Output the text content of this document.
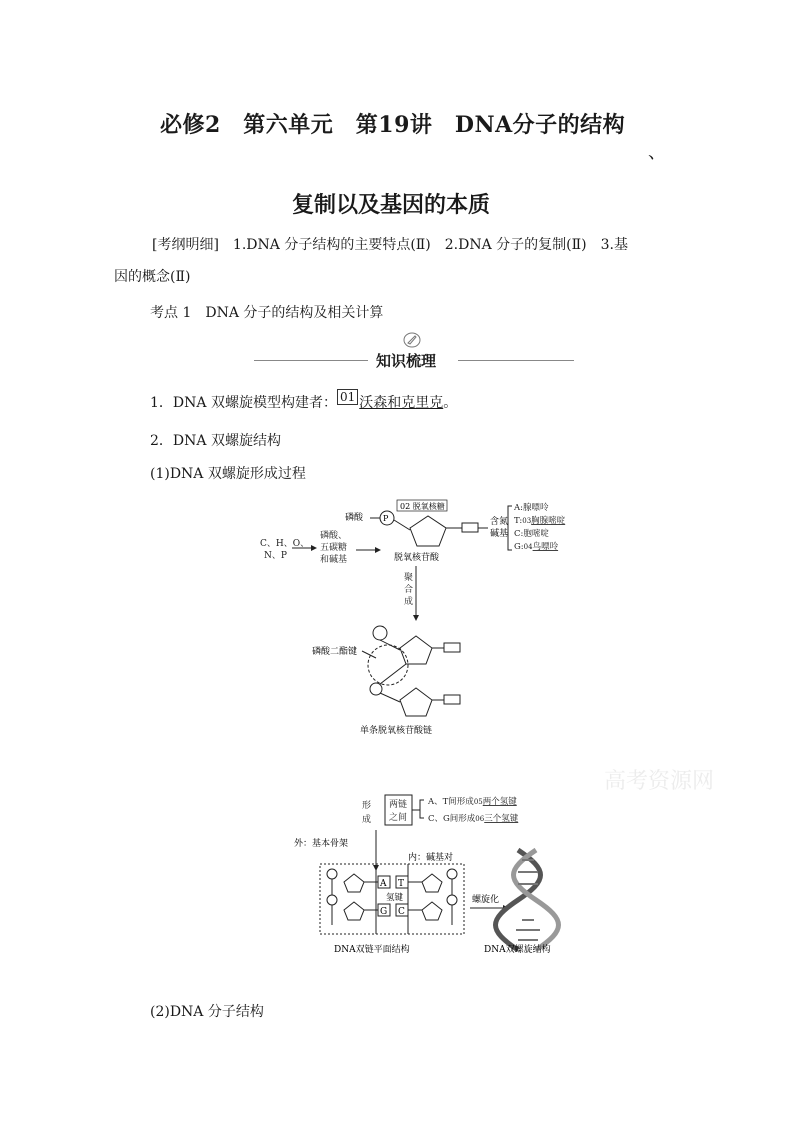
必修2　第六单元　第19讲　DNA分子的结构
、
复制以及基因的本质
[考纲明细]　1.DNA 分子结构的主要特点(Ⅱ)　2.DNA 分子的复制(Ⅱ)　3.基
因的概念(Ⅱ)
考点 1　DNA 分子的结构及相关计算
知识梳理
1．DNA 双螺旋模型构建者： 01 沃森和克里克。
2．DNA 双螺旋结构
(1)DNA 双螺旋形成过程
C、H、O、
N、P
磷酸、
五碳糖
和碱基
磷酸 P
02 脱氧核糖
脱氧核苷酸
含氮
碱基
A:腺嘌呤
T:03胸腺嘧啶
C:胞嘧啶
G:04鸟嘌呤
聚
合
成
磷酸二酯键
单条脱氧核苷酸链
高考资源网
形
成
两链
之间
A、T间形成05两个氢键
C、G间形成06三个氢键
外：基本骨架
内：碱基对
A T
G C
氢键	螺旋化
DNA双链平面结构	DNA双螺旋结构
(2)DNA 分子结构
